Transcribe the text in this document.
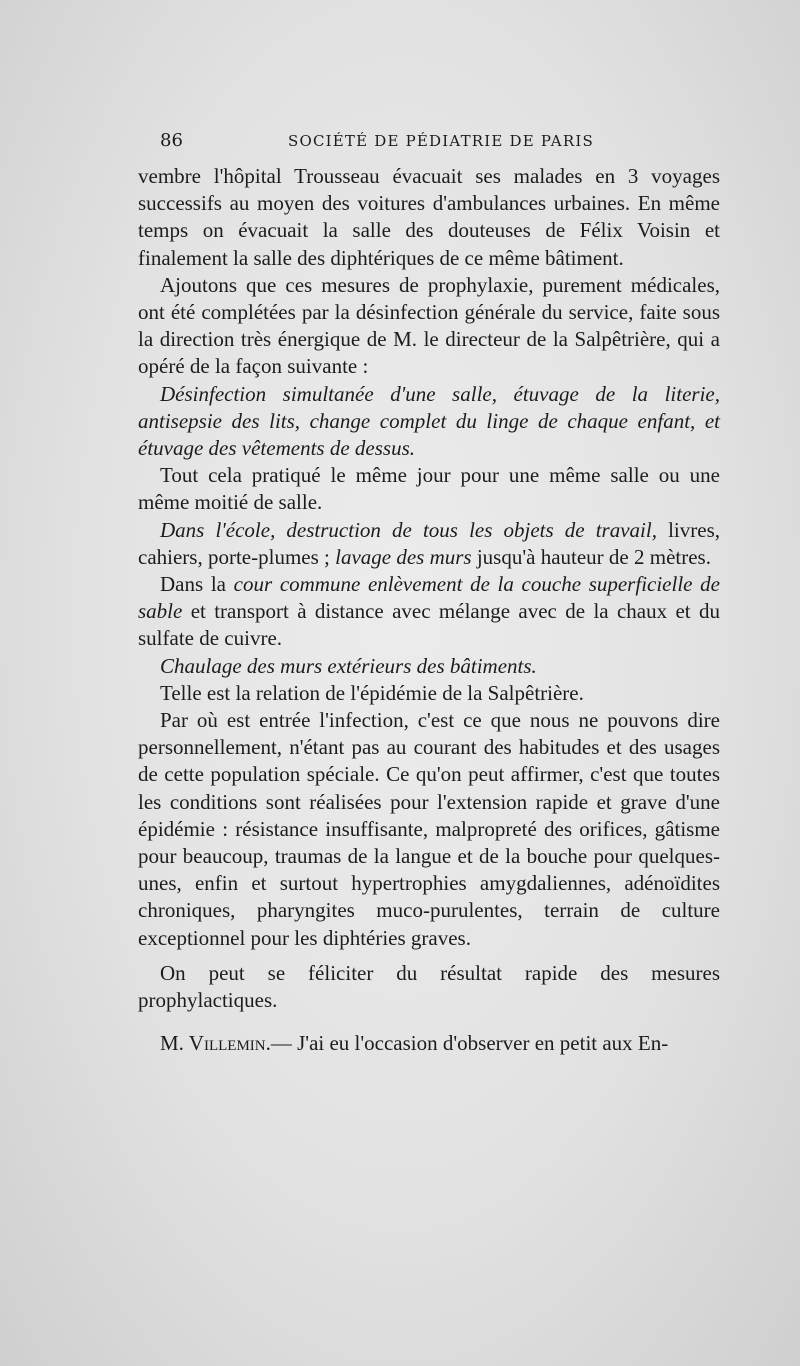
86	SOCIÉTÉ DE PÉDIATRIE DE PARIS

vembre l'hôpital Trousseau évacuait ses malades en 3 voyages successifs au moyen des voitures d'ambulances urbaines. En même temps on évacuait la salle des douteuses de Félix Voisin et finalement la salle des diphtériques de ce même bâtiment.

Ajoutons que ces mesures de prophylaxie, purement médicales, ont été complétées par la désinfection générale du service, faite sous la direction très énergique de M. le directeur de la Salpêtrière, qui a opéré de la façon suivante :

Désinfection simultanée d'une salle, étuvage de la literie, antisepsie des lits, change complet du linge de chaque enfant, et étuvage des vêtements de dessus.

Tout cela pratiqué le même jour pour une même salle ou une même moitié de salle.

Dans l'école, destruction de tous les objets de travail, livres, cahiers, porte-plumes ; lavage des murs jusqu'à hauteur de 2 mètres.

Dans la cour commune enlèvement de la couche superficielle de sable et transport à distance avec mélange avec de la chaux et du sulfate de cuivre.

Chaulage des murs extérieurs des bâtiments.

Telle est la relation de l'épidémie de la Salpêtrière.

Par où est entrée l'infection, c'est ce que nous ne pouvons dire personnellement, n'étant pas au courant des habitudes et des usages de cette population spéciale. Ce qu'on peut affirmer, c'est que toutes les conditions sont réalisées pour l'extension rapide et grave d'une épidémie : résistance insuffisante, malpropreté des orifices, gâtisme pour beaucoup, traumas de la langue et de la bouche pour quelques-unes, enfin et surtout hypertrophies amygdaliennes, adénoïdites chroniques, pharyngites muco-purulentes, terrain de culture exceptionnel pour les diphtéries graves.

On peut se féliciter du résultat rapide des mesures prophylactiques.

M. Villemin.— J'ai eu l'occasion d'observer en petit aux En-
